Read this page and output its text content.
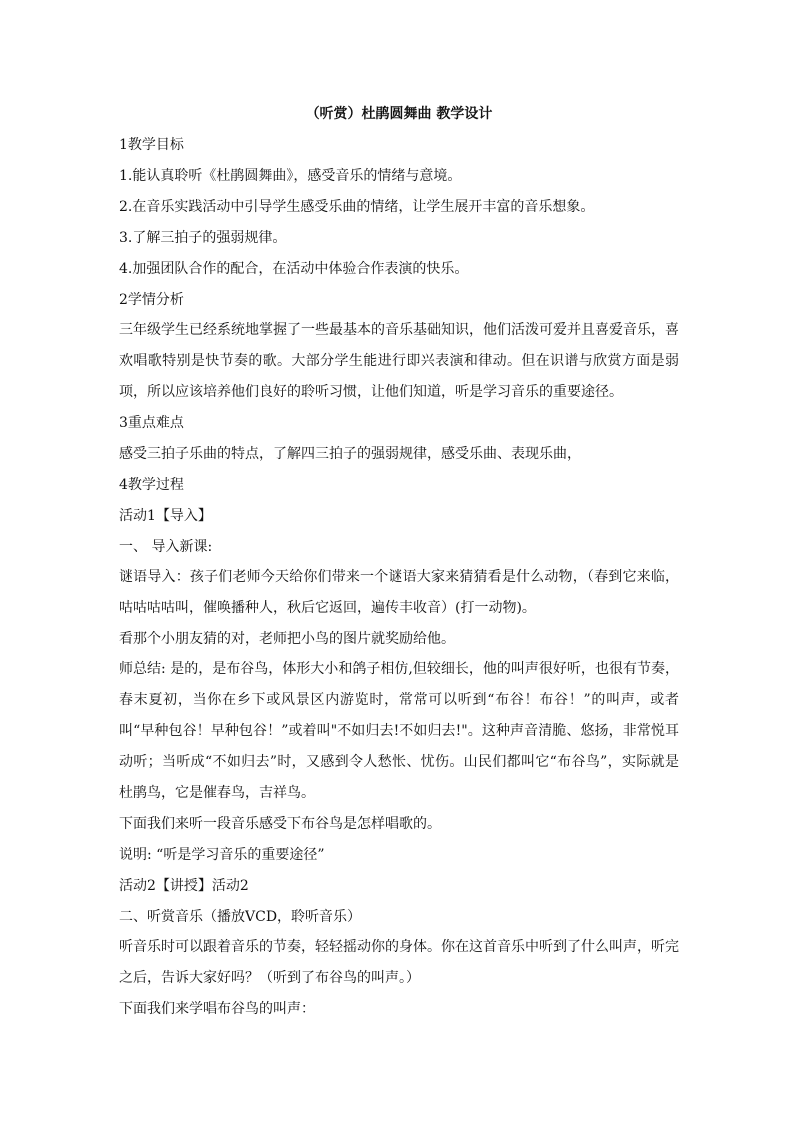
（听赏）杜鹃圆舞曲 教学设计
1教学目标
1.能认真聆听《杜鹃圆舞曲》，感受音乐的情绪与意境。
2.在音乐实践活动中引导学生感受乐曲的情绪，让学生展开丰富的音乐想象。
3.了解三拍子的强弱规律。
4.加强团队合作的配合，在活动中体验合作表演的快乐。
2学情分析
三年级学生已经系统地掌握了一些最基本的音乐基础知识，他们活泼可爱并且喜爱音乐，喜欢唱歌特别是快节奏的歌。大部分学生能进行即兴表演和律动。但在识谱与欣赏方面是弱项，所以应该培养他们良好的聆听习惯，让他们知道，听是学习音乐的重要途径。
3重点难点
感受三拍子乐曲的特点，了解四三拍子的强弱规律，感受乐曲、表现乐曲，
4教学过程
活动1【导入】
一、 导入新课:
谜语导入：孩子们老师今天给你们带来一个谜语大家来猜猜看是什么动物，（春到它来临，咕咕咕咕叫，催唤播种人，秋后它返回，遍传丰收音）(打一动物)。
看那个小朋友猜的对，老师把小鸟的图片就奖励给他。
师总结: 是的，是布谷鸟，体形大小和鸽子相仿,但较细长，他的叫声很好听，也很有节奏，春末夏初，当你在乡下或风景区内游览时，常常可以听到“布谷！布谷！”的叫声，或者叫“早种包谷！早种包谷！”或着叫"不如归去!不如归去!"。这种声音清脆、悠扬，非常悦耳动听；当听成“不如归去”时，又感到令人愁怅、忧伤。山民们都叫它“布谷鸟”，实际就是杜鹃鸟，它是催春鸟，吉祥鸟。
下面我们来听一段音乐感受下布谷鸟是怎样唱歌的。
说明: “听是学习音乐的重要途径”
活动2【讲授】活动2
二、听赏音乐（播放VCD，聆听音乐）
听音乐时可以跟着音乐的节奏，轻轻摇动你的身体。你在这首音乐中听到了什么叫声，听完之后，告诉大家好吗？（听到了布谷鸟的叫声。）
下面我们来学唱布谷鸟的叫声：
